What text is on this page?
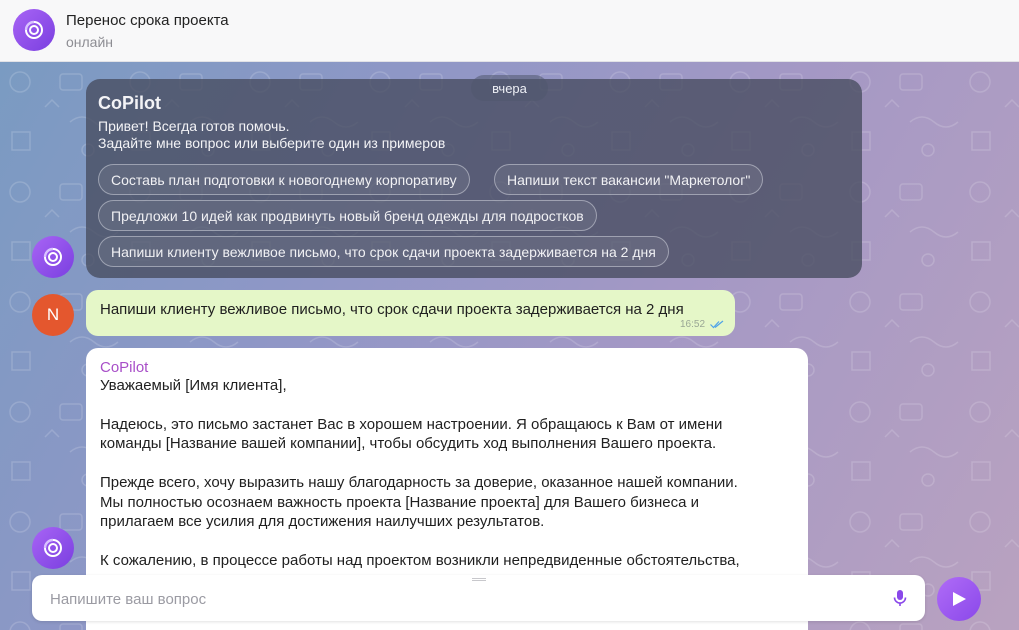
Перенос срока проекта
онлайн
CoPilot
Привет! Всегда готов помочь.
Задайте мне вопрос или выберите один из примеров
Составь план подготовки к новогоднему корпоративу	Напиши текст вакансии "Маркетолог"
Предложи 10 идей как продвинуть новый бренд одежды для подростков
Напиши клиенту вежливое письмо, что срок сдачи проекта задерживается на 2 дня
вчера
N	Напиши клиенту вежливое письмо, что срок сдачи проекта задерживается на 2 дня
16:52
CoPilot
Уважаемый [Имя клиента],
Надеюсь, это письмо застанет Вас в хорошем настроении. Я обращаюсь к Вам от имени
команды [Название вашей компании], чтобы обсудить ход выполнения Вашего проекта.
Прежде всего, хочу выразить нашу благодарность за доверие, оказанное нашей компании.
Мы полностью осознаем важность проекта [Название проекта] для Вашего бизнеса и
прилагаем все усилия для достижения наилучших результатов.
К сожалению, в процессе работы над проектом возникли непредвиденные обстоятельства,
Напишите ваш вопрос
